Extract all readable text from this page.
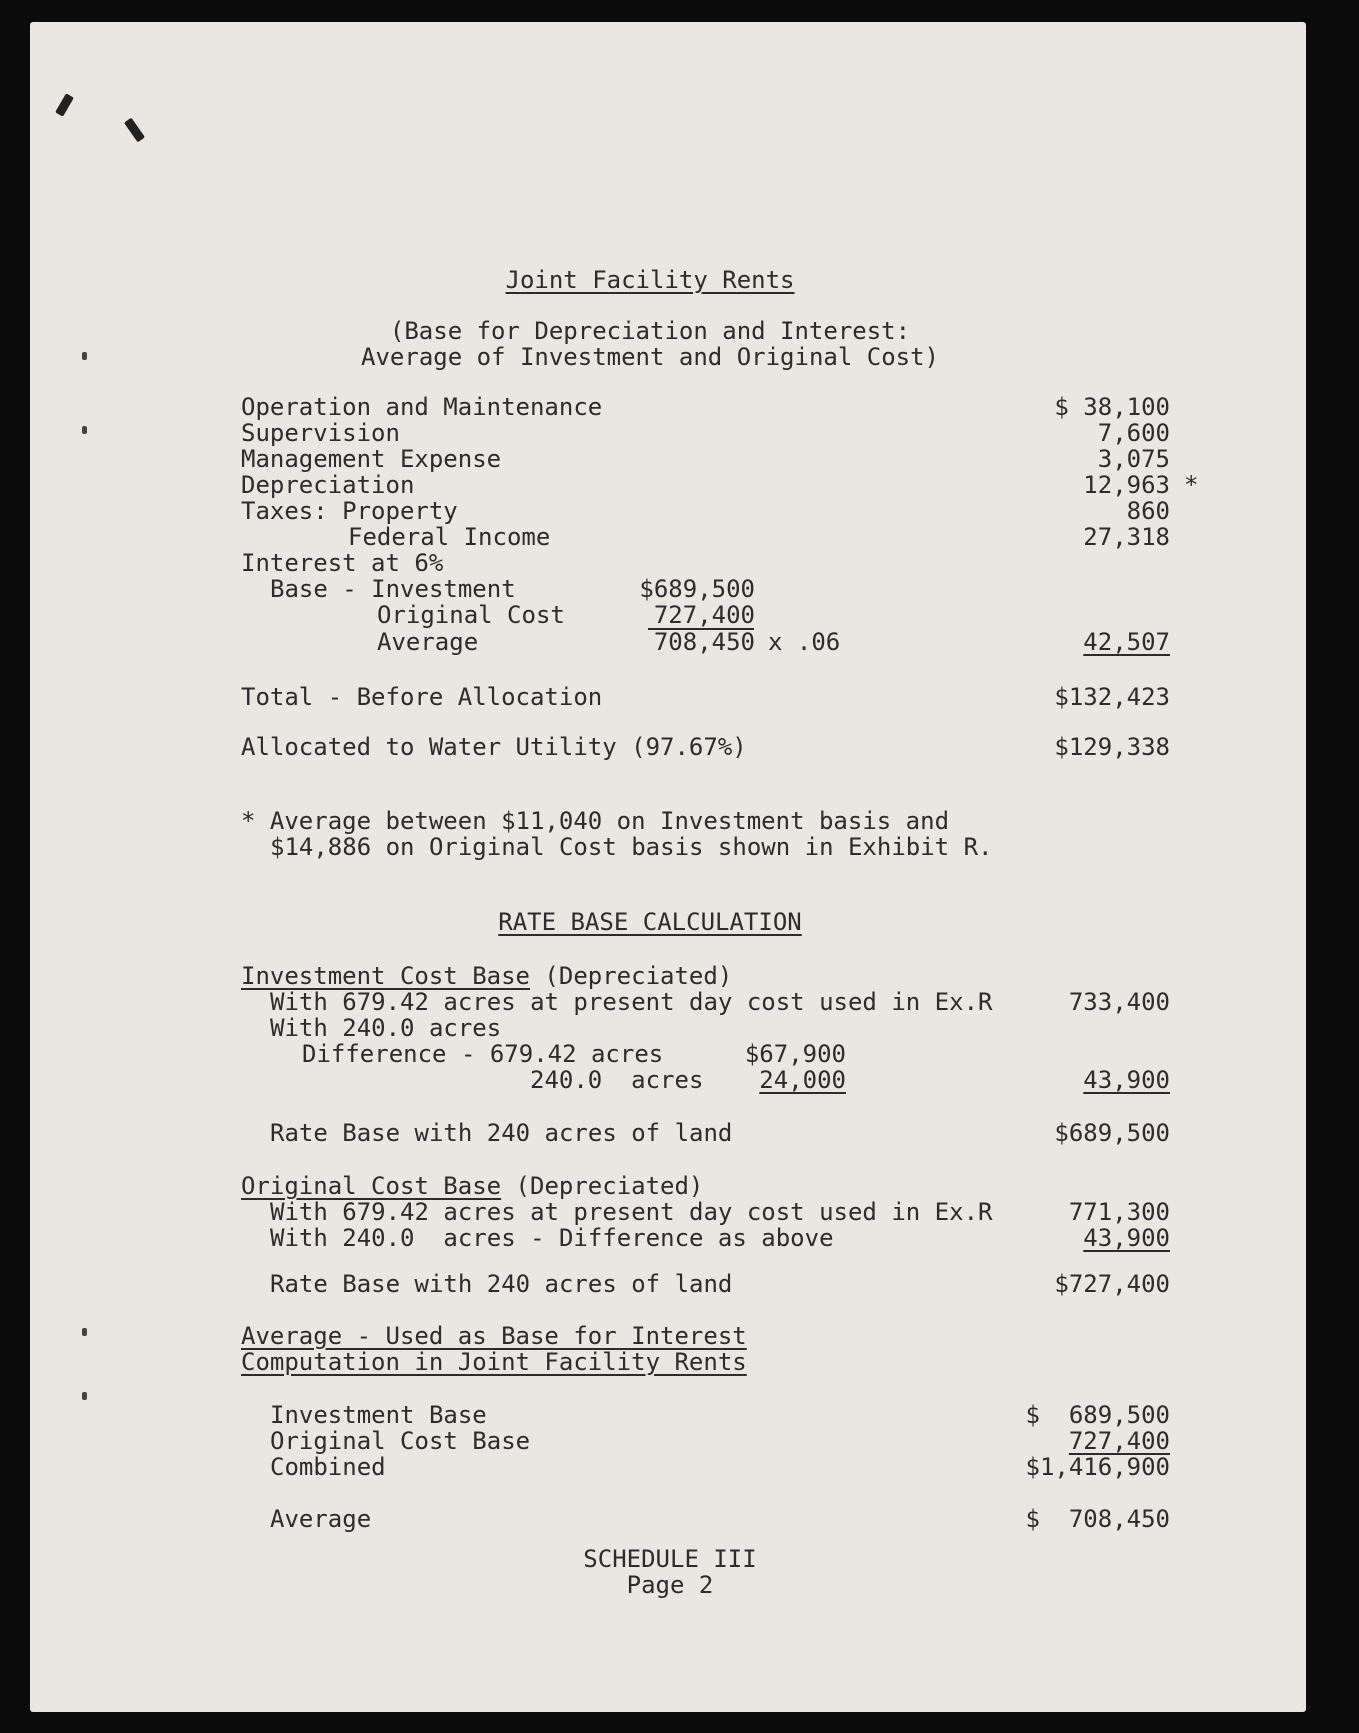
Joint Facility Rents
(Base for Depreciation and Interest:
Average of Investment and Original Cost)
Operation and Maintenance	$ 38,100
Supervision	7,600
Management Expense	3,075
Depreciation	12,963 *
Taxes: Property	860
Federal Income	27,318
Interest at 6%
Base - Investment	$689,500
Original Cost	727,400
Average	708,450 x .06	42,507
Total - Before Allocation	$132,423
Allocated to Water Utility (97.67%)	$129,338
* Average between $11,040 on Investment basis and
$14,886 on Original Cost basis shown in Exhibit R.
RATE BASE CALCULATION
Investment Cost Base (Depreciated)
With 679.42 acres at present day cost used in Ex.R	733,400
With 240.0 acres
Difference - 679.42 acres	$67,900
240.0  acres	24,000	43,900
Rate Base with 240 acres of land	$689,500
Original Cost Base (Depreciated)
With 679.42 acres at present day cost used in Ex.R	771,300
With 240.0  acres - Difference as above	43,900
Rate Base with 240 acres of land	$727,400
Average - Used as Base for Interest
Computation in Joint Facility Rents
Investment Base	$  689,500
Original Cost Base	727,400
Combined	$1,416,900
Average	$  708,450
SCHEDULE III
Page 2
